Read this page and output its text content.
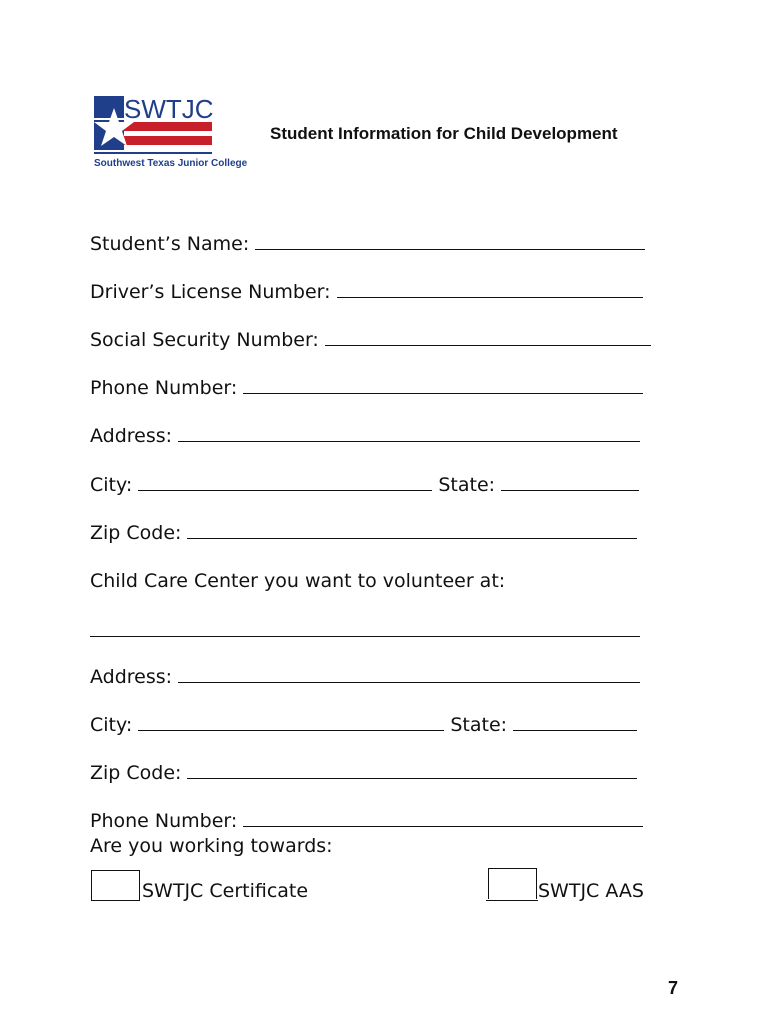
SWTJC
Southwest Texas Junior College
Student Information for Child Development
Student’s Name:
Driver’s License Number:
Social Security Number:
Phone Number:
Address:
City:	State:
Zip Code:
Child Care Center you want to volunteer at:
Address:
City:	State:
Zip Code:
Phone Number:
Are you working towards:
SWTJC Certificate	SWTJC AAS
7
